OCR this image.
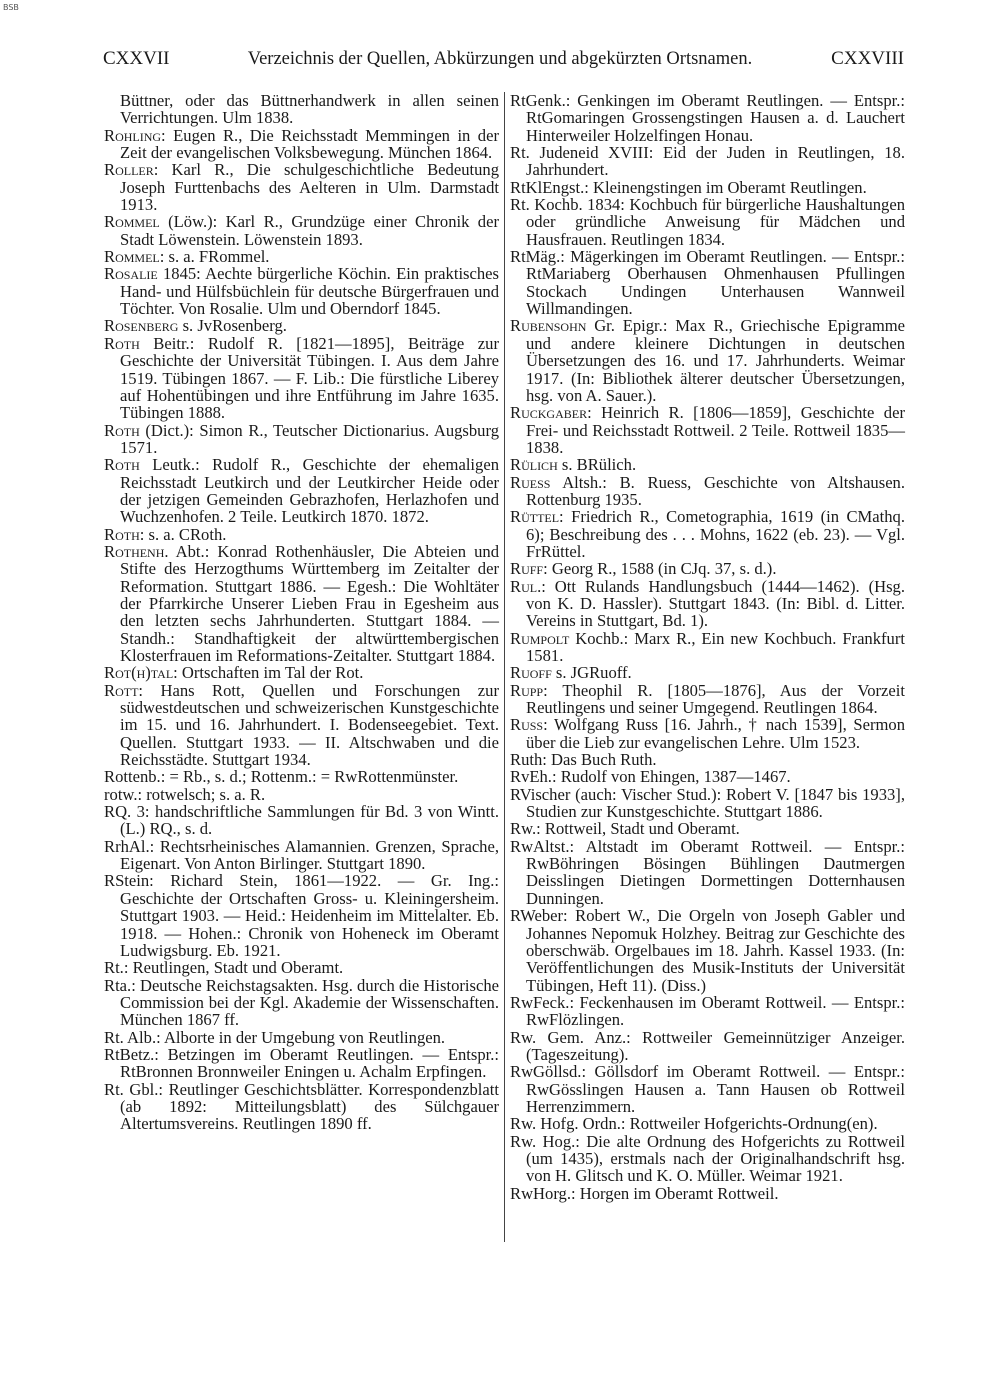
BSB
CXXVII	Verzeichnis der Quellen, Abkürzungen und abgekürzten Ortsnamen.	CXXVIII

Büttner, oder das Büttnerhandwerk in allen seinen Verrichtungen. Ulm 1838.

Rohling: Eugen R., Die Reichsstadt Memmingen in der Zeit der evangelischen Volksbewegung. München 1864.

Roller: Karl R., Die schulgeschichtliche Bedeutung Joseph Furttenbachs des Aelteren in Ulm. Darmstadt 1913.

Rommel (Löw.): Karl R., Grundzüge einer Chronik der Stadt Löwenstein. Löwenstein 1893.

Rommel: s. a. FRommel.

Rosalie 1845: Aechte bürgerliche Köchin. Ein praktisches Hand- und Hülfsbüchlein für deutsche Bürgerfrauen und Töchter. Von Rosalie. Ulm und Oberndorf 1845.

Rosenberg s. JvRosenberg.

Roth Beitr.: Rudolf R. [1821—1895], Beiträge zur Geschichte der Universität Tübingen. I. Aus dem Jahre 1519. Tübingen 1867. — F. Lib.: Die fürstliche Liberey auf Hohentübingen und ihre Entführung im Jahre 1635. Tübingen 1888.

Roth (Dict.): Simon R., Teutscher Dictionarius. Augsburg 1571.

Roth Leutk.: Rudolf R., Geschichte der ehemaligen Reichsstadt Leutkirch und der Leutkircher Heide oder der jetzigen Gemeinden Gebrazhofen, Herlazhofen und Wuchzenhofen. 2 Teile. Leutkirch 1870. 1872.

Roth: s. a. CRoth.

Rothenh. Abt.: Konrad Rothenhäusler, Die Abteien und Stifte des Herzogthums Württemberg im Zeitalter der Reformation. Stuttgart 1886. — Egesh.: Die Wohltäter der Pfarrkirche Unserer Lieben Frau in Egesheim aus den letzten sechs Jahrhunderten. Stuttgart 1884. — Standh.: Standhaftigkeit der altwürttembergischen Klosterfrauen im Reformations-Zeitalter. Stuttgart 1884.

Rot(h)tal: Ortschaften im Tal der Rot.

Rott: Hans Rott, Quellen und Forschungen zur südwestdeutschen und schweizerischen Kunstgeschichte im 15. und 16. Jahrhundert. I. Bodenseegebiet. Text. Quellen. Stuttgart 1933. — II. Altschwaben und die Reichsstädte. Stuttgart 1934.

Rottenb.: = Rb., s. d.; Rottenm.: = RwRottenmünster.

rotw.: rotwelsch; s. a. R.

RQ. 3: handschriftliche Sammlungen für Bd. 3 von Wintt. (L.) RQ., s. d.

RrhAl.: Rechtsrheinisches Alamannien. Grenzen, Sprache, Eigenart. Von Anton Birlinger. Stuttgart 1890.

RStein: Richard Stein, 1861—1922. — Gr. Ing.: Geschichte der Ortschaften Gross- u. Kleiningersheim. Stuttgart 1903. — Heid.: Heidenheim im Mittelalter. Eb. 1918. — Hohen.: Chronik von Hoheneck im Oberamt Ludwigsburg. Eb. 1921.

Rt.: Reutlingen, Stadt und Oberamt.

Rta.: Deutsche Reichstagsakten. Hsg. durch die Historische Commission bei der Kgl. Akademie der Wissenschaften. München 1867 ff.

Rt. Alb.: Alborte in der Umgebung von Reutlingen.

RtBetz.: Betzingen im Oberamt Reutlingen. — Entspr.: RtBronnen Bronnweiler Eningen u. Achalm Erpfingen.

Rt. Gbl.: Reutlinger Geschichtsblätter. Korrespondenzblatt (ab 1892: Mitteilungsblatt) des Sülchgauer Altertumsvereins. Reutlingen 1890 ff.

RtGenk.: Genkingen im Oberamt Reutlingen. — Entspr.: RtGomaringen Grossengstingen Hausen a. d. Lauchert Hinterweiler Holzelfingen Honau.

Rt. Judeneid XVIII: Eid der Juden in Reutlingen, 18. Jahrhundert.

RtKlEngst.: Kleinengstingen im Oberamt Reutlingen.

Rt. Kochb. 1834: Kochbuch für bürgerliche Haushaltungen oder gründliche Anweisung für Mädchen und Hausfrauen. Reutlingen 1834.

RtMäg.: Mägerkingen im Oberamt Reutlingen. — Entspr.: RtMariaberg Oberhausen Ohmenhausen Pfullingen Stockach Undingen Unterhausen Wannweil Willmandingen.

Rubensohn Gr. Epigr.: Max R., Griechische Epigramme und andere kleinere Dichtungen in deutschen Übersetzungen des 16. und 17. Jahrhunderts. Weimar 1917. (In: Bibliothek älterer deutscher Übersetzungen, hsg. von A. Sauer.).

Ruckgaber: Heinrich R. [1806—1859], Geschichte der Frei- und Reichsstadt Rottweil. 2 Teile. Rottweil 1835—1838.

Rülich s. BRülich.

Ruess Altsh.: B. Ruess, Geschichte von Altshausen. Rottenburg 1935.

Rüttel: Friedrich R., Cometographia, 1619 (in CMathq. 6); Beschreibung des . . . Mohns, 1622 (eb. 23). — Vgl. FrRüttel.

Ruff: Georg R., 1588 (in CJq. 37, s. d.).

Rul.: Ott Rulands Handlungsbuch (1444—1462). (Hsg. von K. D. Hassler). Stuttgart 1843. (In: Bibl. d. Litter. Vereins in Stuttgart, Bd. 1).

Rumpolt Kochb.: Marx R., Ein new Kochbuch. Frankfurt 1581.

Ruoff s. JGRuoff.

Rupp: Theophil R. [1805—1876], Aus der Vorzeit Reutlingens und seiner Umgegend. Reutlingen 1864.

Russ: Wolfgang Russ [16. Jahrh., † nach 1539], Sermon über die Lieb zur evangelischen Lehre. Ulm 1523.

Ruth: Das Buch Ruth.

RvEh.: Rudolf von Ehingen, 1387—1467.

RVischer (auch: Vischer Stud.): Robert V. [1847 bis 1933], Studien zur Kunstgeschichte. Stuttgart 1886.

Rw.: Rottweil, Stadt und Oberamt.

RwAltst.: Altstadt im Oberamt Rottweil. — Entspr.: RwBöhringen Bösingen Bühlingen Dautmergen Deisslingen Dietingen Dormettingen Dotternhausen Dunningen.

RWeber: Robert W., Die Orgeln von Joseph Gabler und Johannes Nepomuk Holzhey. Beitrag zur Geschichte des oberschwäb. Orgelbaues im 18. Jahrh. Kassel 1933. (In: Veröffentlichungen des Musik-Instituts der Universität Tübingen, Heft 11). (Diss.)

RwFeck.: Feckenhausen im Oberamt Rottweil. — Entspr.: RwFlözlingen.

Rw. Gem. Anz.: Rottweiler Gemeinnütziger Anzeiger. (Tageszeitung).

RwGöllsd.: Göllsdorf im Oberamt Rottweil. — Entspr.: RwGösslingen Hausen a. Tann Hausen ob Rottweil Herrenzimmern.

Rw. Hofg. Ordn.: Rottweiler Hofgerichts-Ordnung(en).

Rw. Hog.: Die alte Ordnung des Hofgerichts zu Rottweil (um 1435), erstmals nach der Originalhandschrift hsg. von H. Glitsch und K. O. Müller. Weimar 1921.

RwHorg.: Horgen im Oberamt Rottweil.
